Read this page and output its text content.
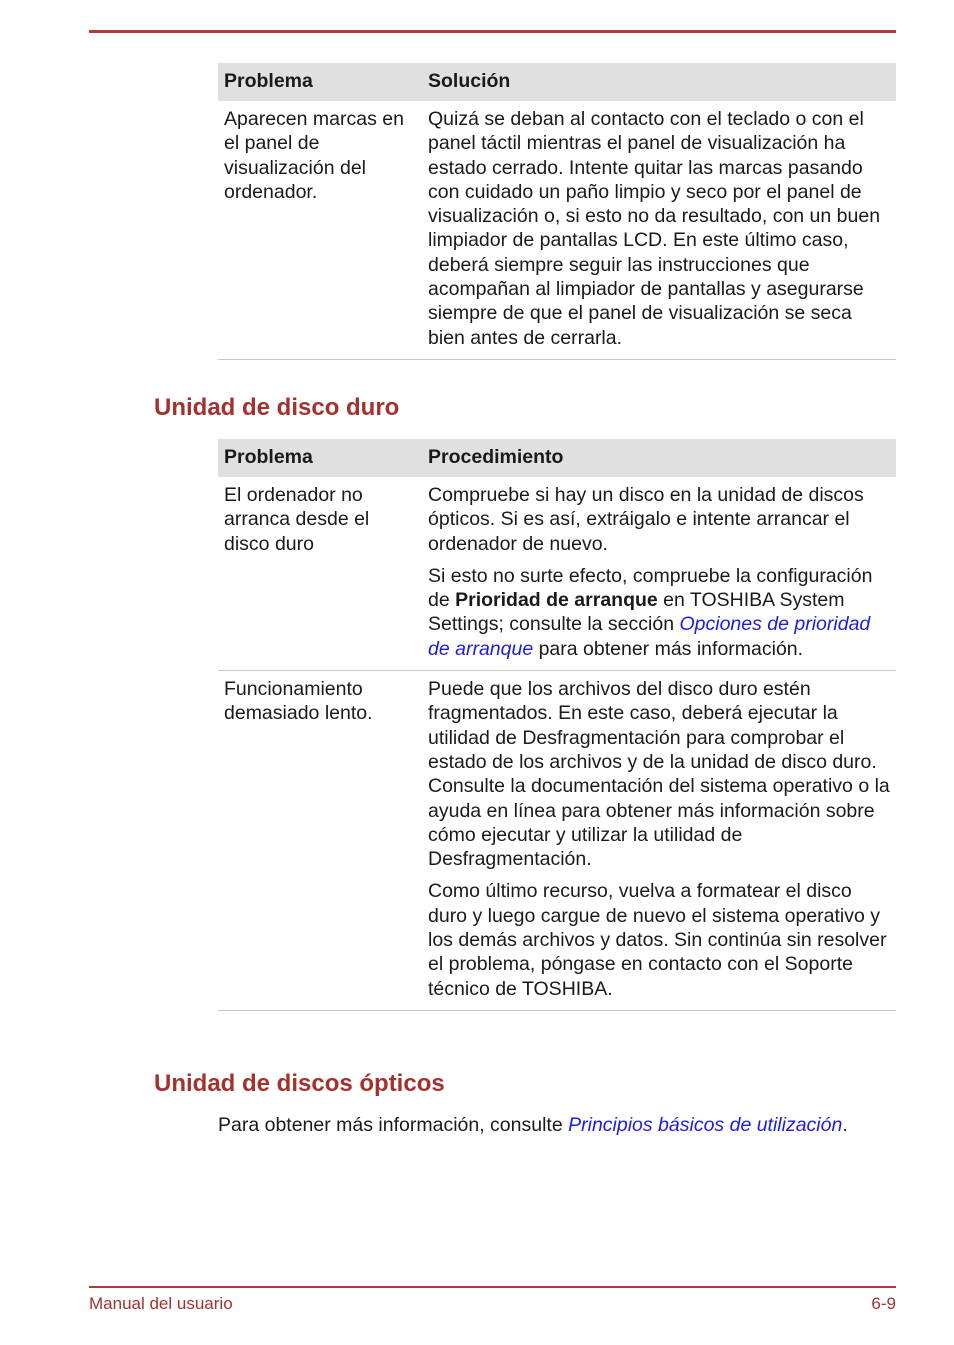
Problema	Solución
Aparecen marcas en el panel de visualización del ordenador.	Quizá se deban al contacto con el teclado o con el panel táctil mientras el panel de visualización ha estado cerrado. Intente quitar las marcas pasando con cuidado un paño limpio y seco por el panel de visualización o, si esto no da resultado, con un buen limpiador de pantallas LCD. En este último caso, deberá siempre seguir las instrucciones que acompañan al limpiador de pantallas y asegurarse siempre de que el panel de visualización se seca bien antes de cerrarla.
Unidad de disco duro
Problema	Procedimiento
El ordenador no arranca desde el disco duro	Compruebe si hay un disco en la unidad de discos ópticos. Si es así, extráigalo e intente arrancar el ordenador de nuevo.

Si esto no surte efecto, compruebe la configuración de Prioridad de arranque en TOSHIBA System Settings; consulte la sección Opciones de prioridad de arranque para obtener más información.

Funcionamiento demasiado lento.	Puede que los archivos del disco duro estén fragmentados. En este caso, deberá ejecutar la utilidad de Desfragmentación para comprobar el estado de los archivos y de la unidad de disco duro. Consulte la documentación del sistema operativo o la ayuda en línea para obtener más información sobre cómo ejecutar y utilizar la utilidad de Desfragmentación.

Como último recurso, vuelva a formatear el disco duro y luego cargue de nuevo el sistema operativo y los demás archivos y datos. Sin continúa sin resolver el problema, póngase en contacto con el Soporte técnico de TOSHIBA.

Unidad de discos ópticos

Para obtener más información, consulte Principios básicos de utilización.

Manual del usuario	6-9
